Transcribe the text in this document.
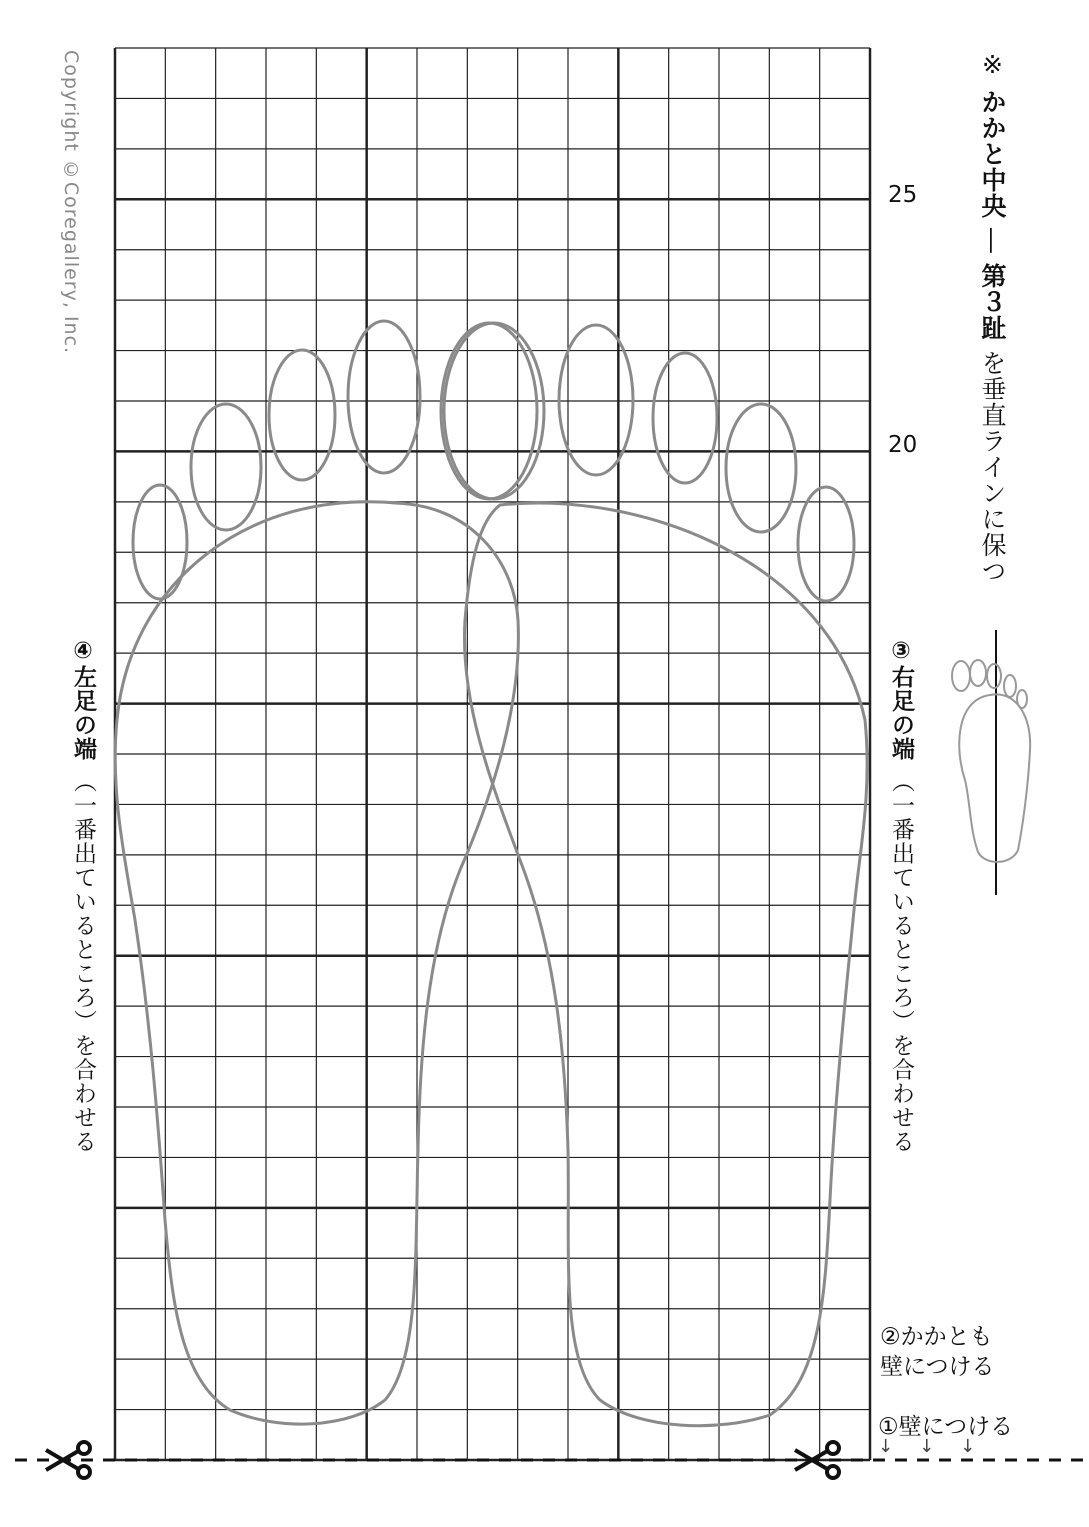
25
20
Copyright ©Coregallery, Inc.	※ かかと中央 ― 第３趾 を垂直ラインに保つ
③右足の端 （一番出ているところ）を合わせる
④左足の端 （一番出ているところ）を合わせる
②かかとも
壁につける
①壁につける
↓↓↓
